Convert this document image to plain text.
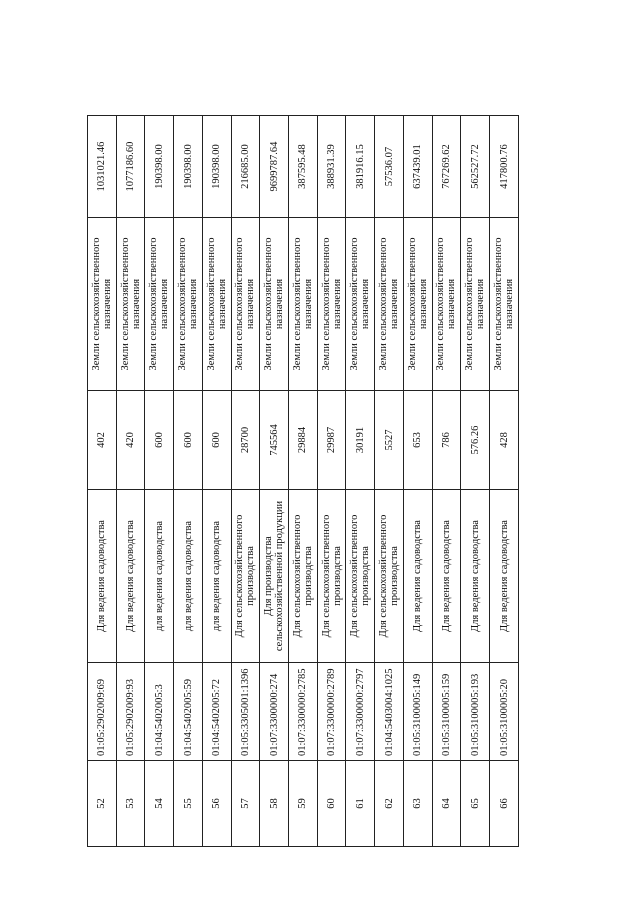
52	01:05:2902009:69	Для ведения садоводства	402	Земли сельскохозяйственного назначения	1031021.46
53	01:05:2902009:93	Для ведения садоводства	420	Земли сельскохозяйственного назначения	1077186.60
54	01:04:5402005:3	для ведения садоводства	600	Земли сельскохозяйственного назначения	190398.00
55	01:04:5402005:59	для ведения садоводства	600	Земли сельскохозяйственного назначения	190398.00
56	01:04:5402005:72	для ведения садоводства	600	Земли сельскохозяйственного назначения	190398.00
57	01:05:3305001:1396	Для сельскохозяйственного производства	28700	Земли сельскохозяйственного назначения	216685.00
58	01:07:3300000:274	Для производства сельскохозяйственной продукции	745564	Земли сельскохозяйственного назначения	9699787.64
59	01:07:3300000:2785	Для сельскохозяйственного производства	29884	Земли сельскохозяйственного назначения	387595.48
60	01:07:3300000:2789	Для сельскохозяйственного производства	29987	Земли сельскохозяйственного назначения	388931.39
61	01:07:3300000:2797	Для сельскохозяйственного производства	30191	Земли сельскохозяйственного назначения	381916.15
62	01:04:5403004:1025	Для сельскохозяйственного производства	5527	Земли сельскохозяйственного назначения	57536.07
63	01:05:3100005:149	Для ведения садоводства	653	Земли сельскохозяйственного назначения	637439.01
64	01:05:3100005:159	Для ведения садоводства	786	Земли сельскохозяйственного назначения	767269.62
65	01:05:3100005:193	Для ведения садоводства	576.26	Земли сельскохозяйственного назначения	562527.72
66	01:05:3100005:20	Для ведения садоводства	428	Земли сельскохозяйственного назначения	417800.76
